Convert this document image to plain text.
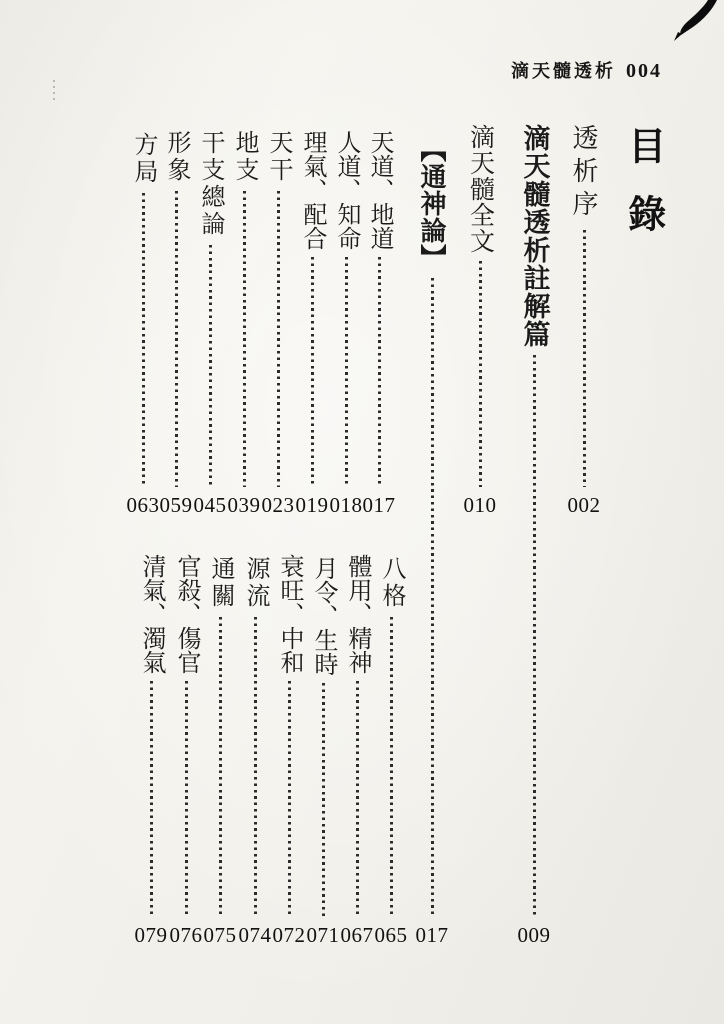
滴天髓透析 004
目錄
透析序
002
滴天髓透析註解篇
009
滴天髓全文
010
【通神論】
017
天道、地道
017
人道、知命
018
理氣、配合
019
天干
023
地支
039
干支總論
045
形象
059
方局
063
八格
065
體用、精神
067
月令、生時
071
衰旺、中和
072
源流
074
通關
075
官殺、傷官
076
清氣、濁氣
079
